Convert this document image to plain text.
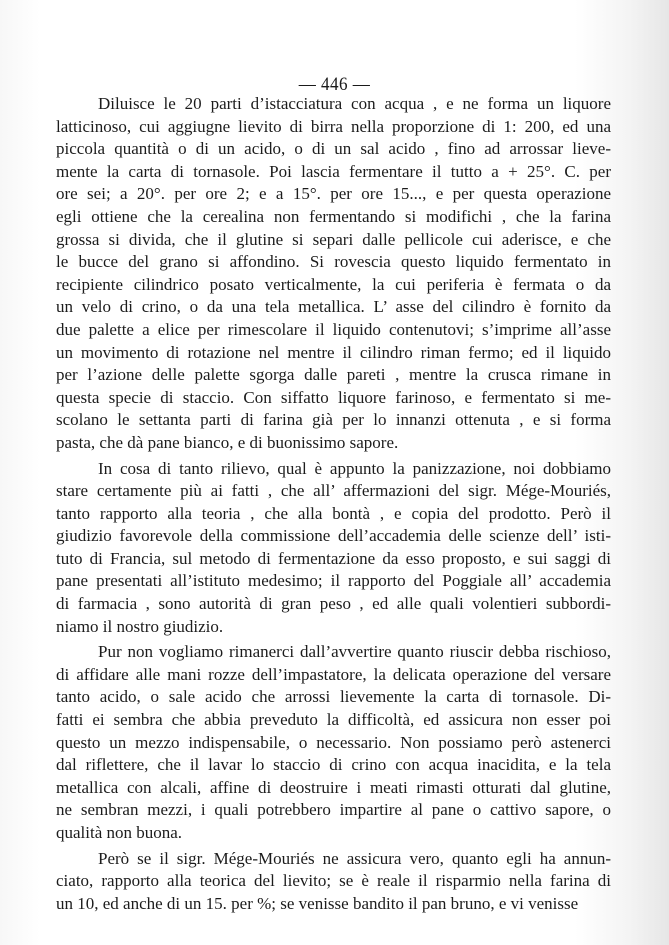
— 446 —
Diluisce le 20 parti d’istacciatura con acqua , e ne forma un liquore
latticinoso, cui aggiugne lievito di birra nella proporzione di 1: 200, ed una
piccola quantità o di un acido, o di un sal acido , fino ad arrossar lieve-
mente la carta di tornasole. Poi lascia fermentare il tutto a + 25°. C. per
ore sei; a 20°. per ore 2; e a 15°. per ore 15..., e per questa operazione
egli ottiene che la cerealina non fermentando si modifichi , che la farina
grossa si divida, che il glutine si separi dalle pellicole cui aderisce, e che
le bucce del grano si affondino. Si rovescia questo liquido fermentato in
recipiente cilindrico posato verticalmente, la cui periferia è fermata o da
un velo di crino, o da una tela metallica. L’ asse del cilindro è fornito da
due palette a elice per rimescolare il liquido contenutovi; s’imprime all’asse
un movimento di rotazione nel mentre il cilindro riman fermo; ed il liquido
per l’azione delle palette sgorga dalle pareti , mentre la crusca rimane in
questa specie di staccio. Con siffatto liquore farinoso, e fermentato si me-
scolano le settanta parti di farina già per lo innanzi ottenuta , e si forma
pasta, che dà pane bianco, e di buonissimo sapore.
In cosa di tanto rilievo, qual è appunto la panizzazione, noi dobbiamo
stare certamente più ai fatti , che all’ affermazioni del sigr. Mége-Mouriés,
tanto rapporto alla teoria , che alla bontà , e copia del prodotto. Però il
giudizio favorevole della commissione dell’accademia delle scienze dell’ isti-
tuto di Francia, sul metodo di fermentazione da esso proposto, e sui saggi di
pane presentati all’istituto medesimo; il rapporto del Poggiale all’ accademia
di farmacia , sono autorità di gran peso , ed alle quali volentieri subbordi-
niamo il nostro giudizio.
Pur non vogliamo rimanerci dall’avvertire quanto riuscir debba rischioso,
di affidare alle mani rozze dell’impastatore, la delicata operazione del versare
tanto acido, o sale acido che arrossi lievemente la carta di tornasole. Di-
fatti ei sembra che abbia preveduto la difficoltà, ed assicura non esser poi
questo un mezzo indispensabile, o necessario. Non possiamo però astenerci
dal riflettere, che il lavar lo staccio di crino con acqua inacidita, e la tela
metallica con alcali, affine di deostruire i meati rimasti otturati dal glutine,
ne sembran mezzi, i quali potrebbero impartire al pane o cattivo sapore, o
qualità non buona.
Però se il sigr. Mége-Mouriés ne assicura vero, quanto egli ha annun-
ciato, rapporto alla teorica del lievito; se è reale il risparmio nella farina di
un 10, ed anche di un 15. per %; se venisse bandito il pan bruno, e vi venisse
